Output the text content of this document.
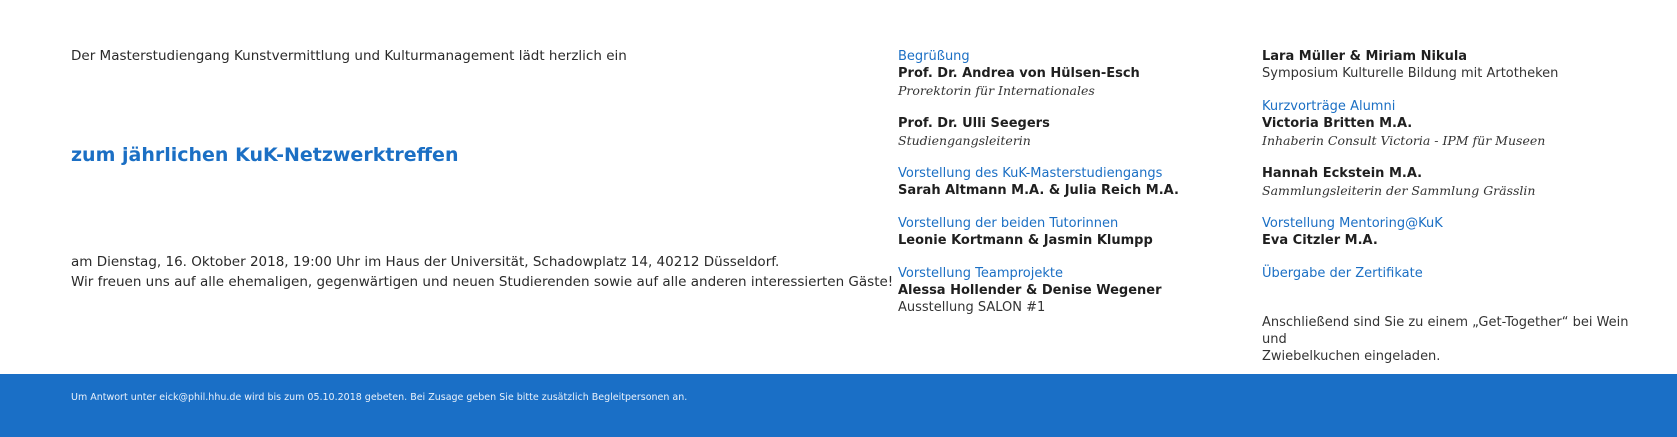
Der Masterstudiengang Kunstvermittlung und Kulturmanagement lädt herzlich ein

zum jährlichen KuK-Netzwerktreffen
am Dienstag, 16. Oktober 2018, 19:00 Uhr im Haus der Universität, Schadowplatz 14, 40212 Düsseldorf.
Wir freuen uns auf alle ehemaligen, gegenwärtigen und neuen Studierenden sowie auf alle anderen interessierten Gäste!
Begrüßung
Prof. Dr. Andrea von Hülsen-Esch
Prorektorin für Internationales
Prof. Dr. Ulli Seegers
Studiengangsleiterin
Vorstellung des KuK-Masterstudiengangs
Sarah Altmann M.A. & Julia Reich M.A.
Vorstellung der beiden Tutorinnen
Leonie Kortmann & Jasmin Klumpp
Vorstellung Teamprojekte
Alessa Hollender & Denise Wegener
Ausstellung SALON #1
Lara Müller & Miriam Nikula
Symposium Kulturelle Bildung mit Artotheken
Kurzvorträge Alumni
Victoria Britten M.A.
Inhaberin Consult Victoria - IPM für Museen
Hannah Eckstein M.A.
Sammlungsleiterin der Sammlung Grässlin
Vorstellung Mentoring@KuK
Eva Citzler M.A.
Übergabe der Zertifikate
Anschließend sind Sie zu einem „Get-Together“ bei Wein und
Zwiebelkuchen eingeladen.

Um Antwort unter eick@phil.hhu.de wird bis zum 05.10.2018 gebeten. Bei Zusage geben Sie bitte zusätzlich Begleitpersonen an.
